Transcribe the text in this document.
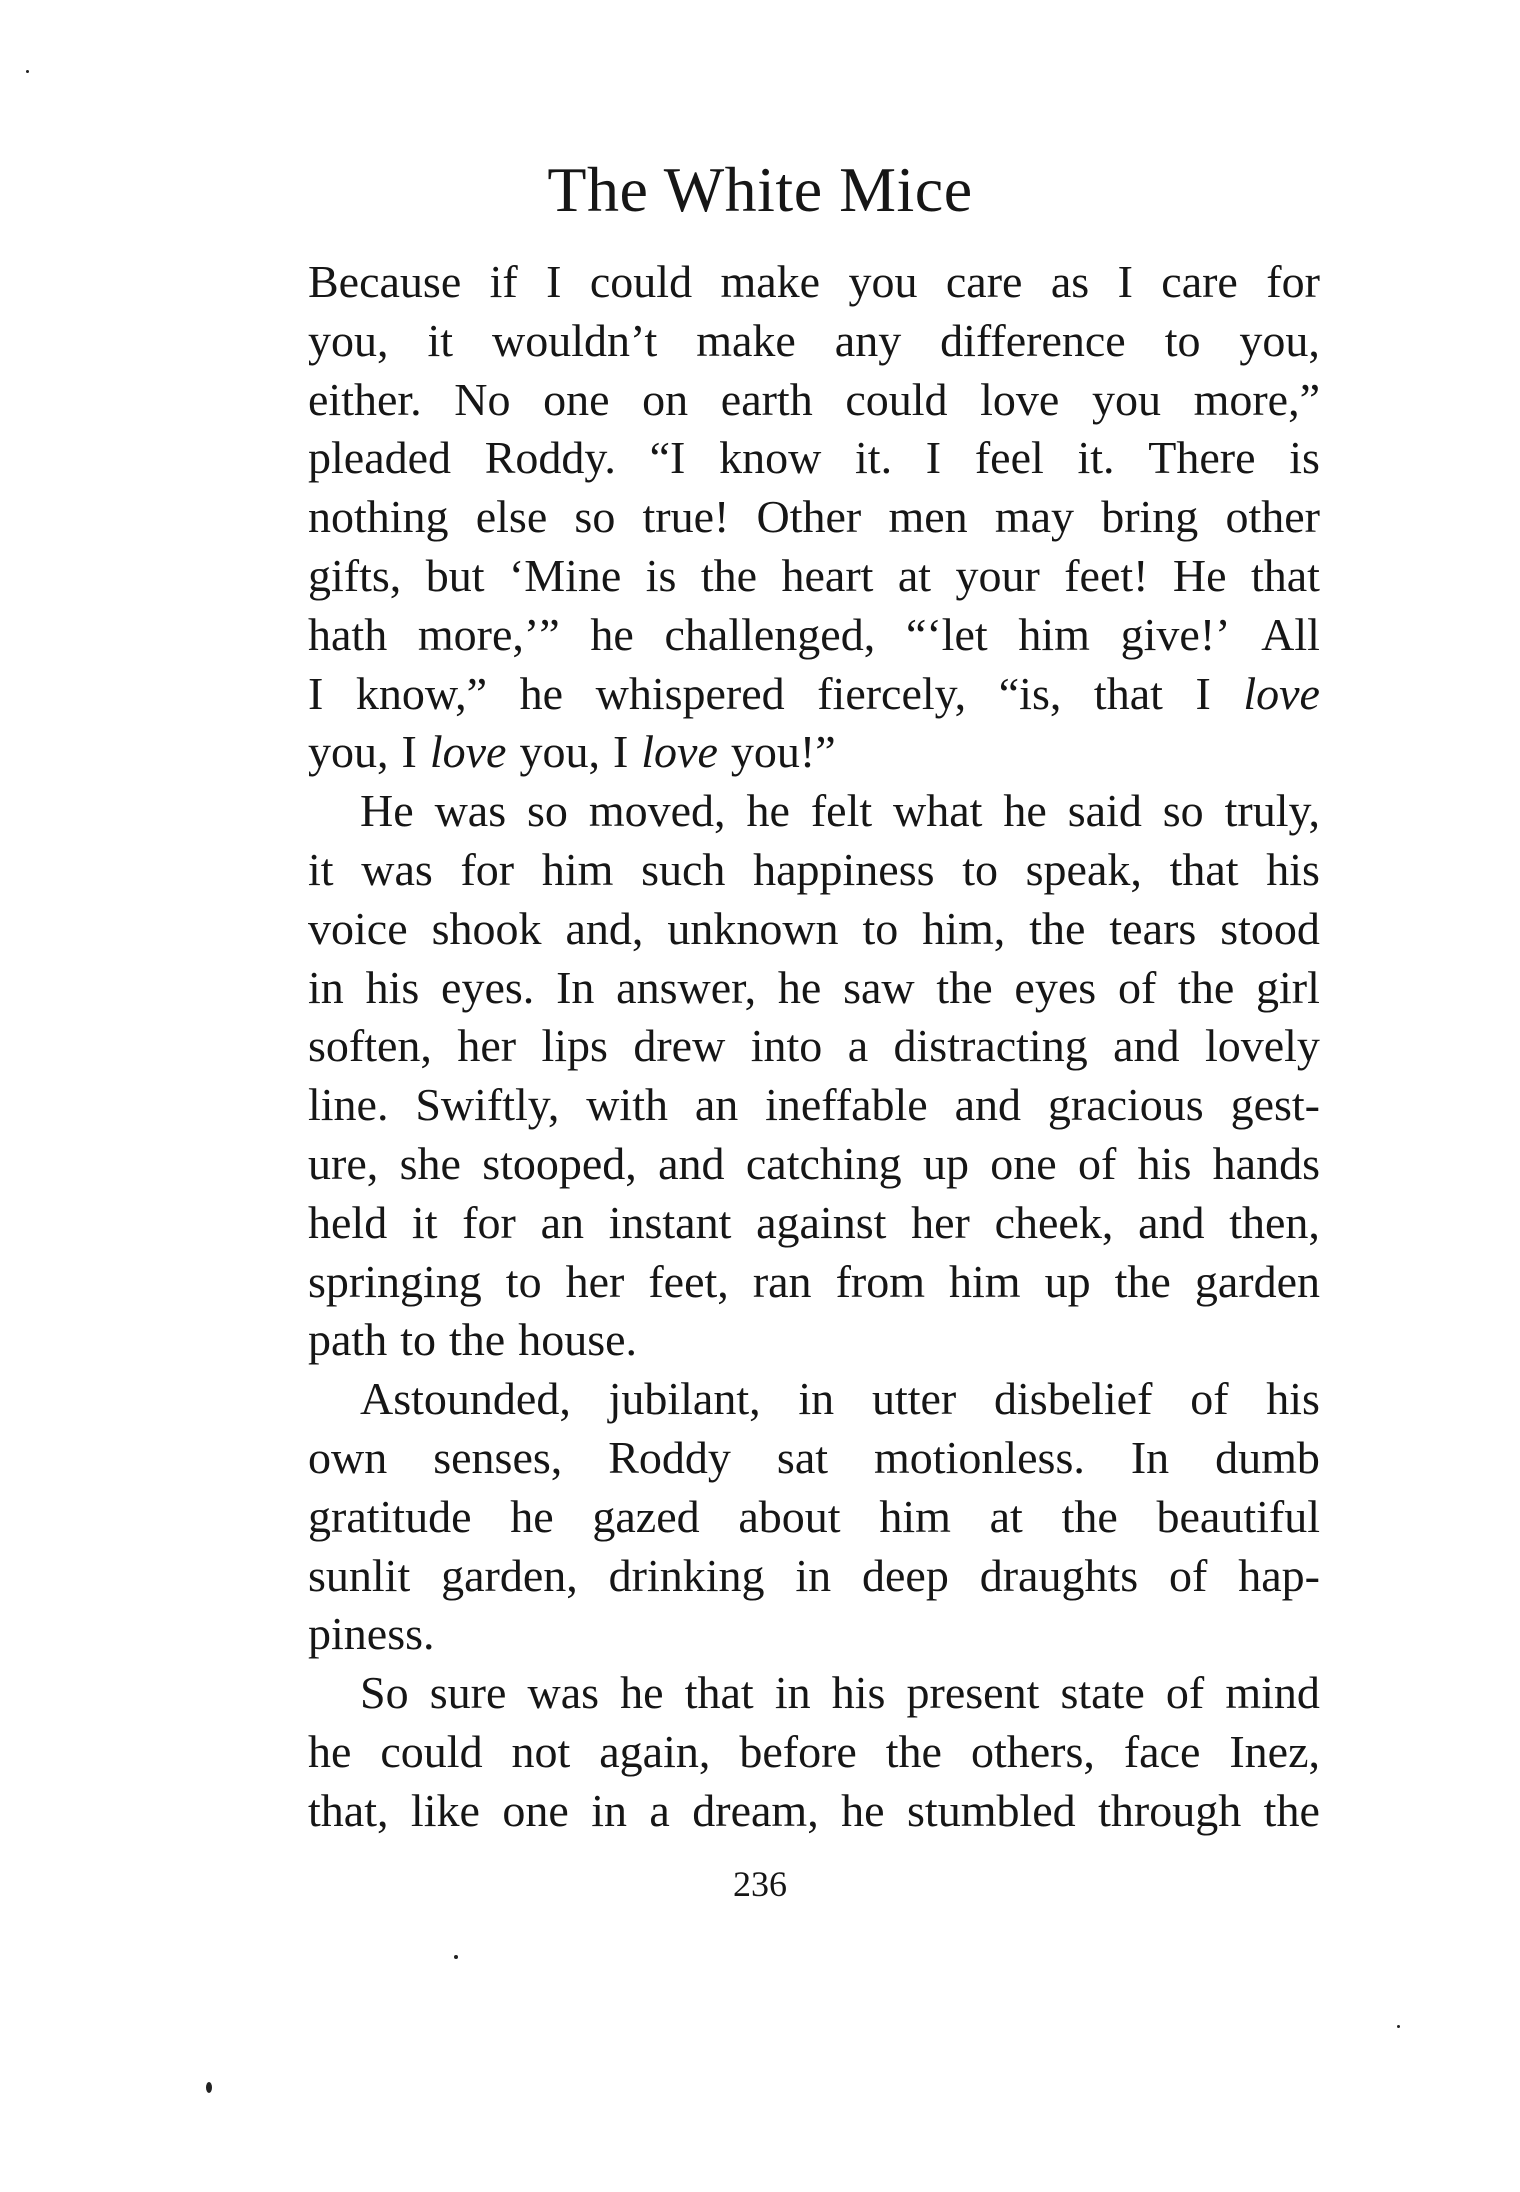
The White Mice
Because if I could make you care as I care for
you, it wouldn’t make any difference to you,
either. No one on earth could love you more,”
pleaded Roddy. “I know it. I feel it. There is
nothing else so true! Other men may bring other
gifts, but ‘Mine is the heart at your feet! He that
hath more,’” he challenged, “‘let him give!’ All
I know,” he whispered fiercely, “is, that I love
you, I love you, I love you!”
He was so moved, he felt what he said so truly,
it was for him such happiness to speak, that his
voice shook and, unknown to him, the tears stood
in his eyes. In answer, he saw the eyes of the girl
soften, her lips drew into a distracting and lovely
line. Swiftly, with an ineffable and gracious gest-
ure, she stooped, and catching up one of his hands
held it for an instant against her cheek, and then,
springing to her feet, ran from him up the garden
path to the house.
Astounded, jubilant, in utter disbelief of his
own senses, Roddy sat motionless. In dumb
gratitude he gazed about him at the beautiful
sunlit garden, drinking in deep draughts of hap-
piness.
So sure was he that in his present state of mind
he could not again, before the others, face Inez,
that, like one in a dream, he stumbled through the
236
